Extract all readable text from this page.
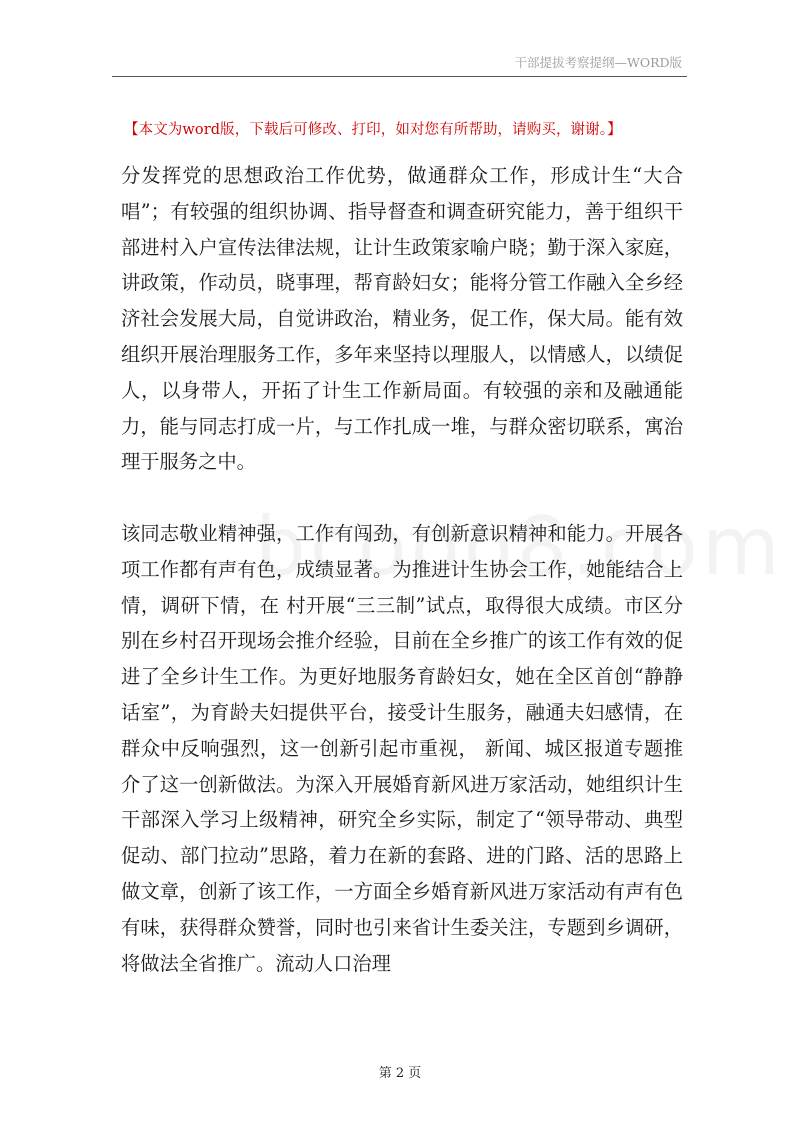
干部提拔考察提纲—WORD版
【本文为word版，下载后可修改、打印，如对您有所帮助，请购买，谢谢。】

分发挥党的思想政治工作优势，做通群众工作，形成计生“大合唱”；有较强的组织协调、指导督查和调查研究能力，善于组织干部进村入户宣传法律法规，让计生政策家喻户晓；勤于深入家庭，讲政策，作动员，晓事理，帮育龄妇女；能将分管工作融入全乡经济社会发展大局，自觉讲政治，精业务，促工作，保大局。能有效组织开展治理服务工作，多年来坚持以理服人，以情感人，以绩促人，以身带人，开拓了计生工作新局面。有较强的亲和及融通能力，能与同志打成一片，与工作扎成一堆，与群众密切联系，寓治理于服务之中。

该同志敬业精神强，工作有闯劲，有创新意识精神和能力。开展各项工作都有声有色，成绩显著。为推进计生协会工作，她能结合上情，调研下情，在 村开展“三三制”试点，取得很大成绩。市区分别在乡村召开现场会推介经验，目前在全乡推广的该工作有效的促进了全乡计生工作。为更好地服务育龄妇女，她在全区首创“静静话室”，为育龄夫妇提供平台，接受计生服务，融通夫妇感情，在群众中反响强烈，这一创新引起市重视， 新闻、城区报道专题推介了这一创新做法。为深入开展婚育新风进万家活动，她组织计生干部深入学习上级精神，研究全乡实际，制定了“领导带动、典型促动、部门拉动”思路，着力在新的套路、进的门路、活的思路上做文章，创新了该工作，一方面全乡婚育新风进万家活动有声有色有味，获得群众赞誉，同时也引来省计生委关注，专题到乡调研，将做法全省推广。流动人口治理

第 2 页
